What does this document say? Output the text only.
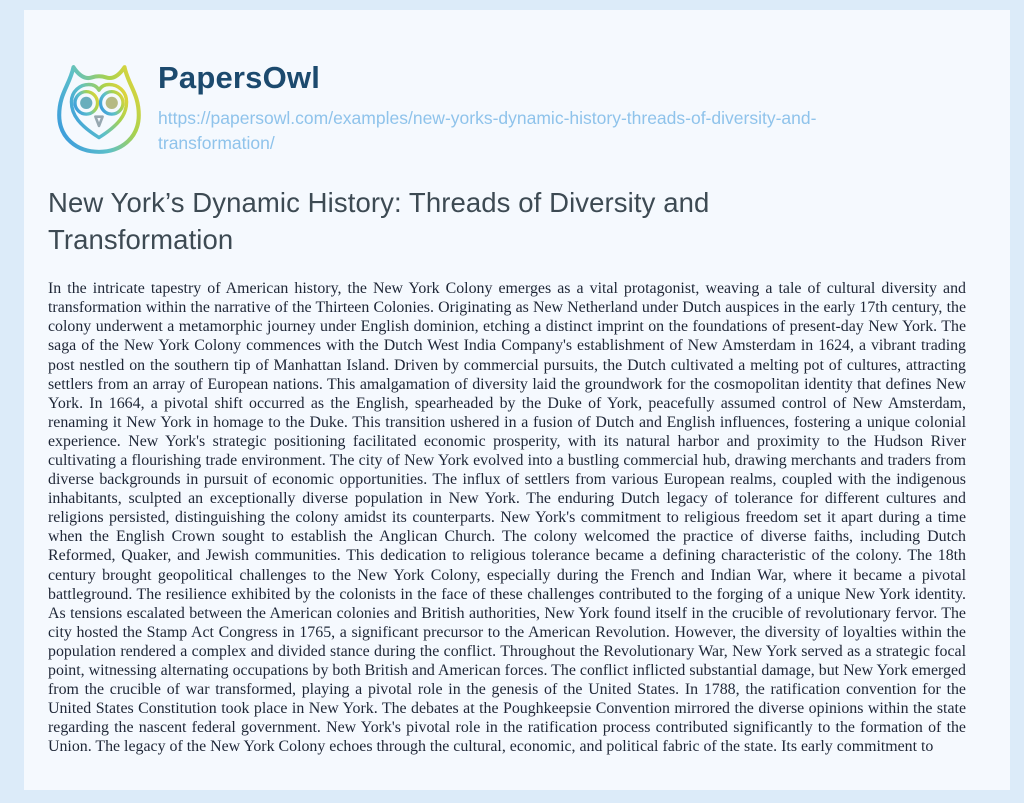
PapersOwl
https://papersowl.com/examples/new-yorks-dynamic-history-threads-of-diversity-and-transformation/
New York’s Dynamic History: Threads of Diversity and Transformation

In the intricate tapestry of American history, the New York Colony emerges as a vital protagonist, weaving a tale of cultural diversity and transformation within the narrative of the Thirteen Colonies. Originating as New Netherland under Dutch auspices in the early 17th century, the colony underwent a metamorphic journey under English dominion, etching a distinct imprint on the foundations of present-day New York. The saga of the New York Colony commences with the Dutch West India Company's establishment of New Amsterdam in 1624, a vibrant trading post nestled on the southern tip of Manhattan Island. Driven by commercial pursuits, the Dutch cultivated a melting pot of cultures, attracting settlers from an array of European nations. This amalgamation of diversity laid the groundwork for the cosmopolitan identity that defines New York. In 1664, a pivotal shift occurred as the English, spearheaded by the Duke of York, peacefully assumed control of New Amsterdam, renaming it New York in homage to the Duke. This transition ushered in a fusion of Dutch and English influences, fostering a unique colonial experience. New York's strategic positioning facilitated economic prosperity, with its natural harbor and proximity to the Hudson River cultivating a flourishing trade environment. The city of New York evolved into a bustling commercial hub, drawing merchants and traders from diverse backgrounds in pursuit of economic opportunities. The influx of settlers from various European realms, coupled with the indigenous inhabitants, sculpted an exceptionally diverse population in New York. The enduring Dutch legacy of tolerance for different cultures and religions persisted, distinguishing the colony amidst its counterparts. New York's commitment to religious freedom set it apart during a time when the English Crown sought to establish the Anglican Church. The colony welcomed the practice of diverse faiths, including Dutch Reformed, Quaker, and Jewish communities. This dedication to religious tolerance became a defining characteristic of the colony. The 18th century brought geopolitical challenges to the New York Colony, especially during the French and Indian War, where it became a pivotal battleground. The resilience exhibited by the colonists in the face of these challenges contributed to the forging of a unique New York identity. As tensions escalated between the American colonies and British authorities, New York found itself in the crucible of revolutionary fervor. The city hosted the Stamp Act Congress in 1765, a significant precursor to the American Revolution. However, the diversity of loyalties within the population rendered a complex and divided stance during the conflict. Throughout the Revolutionary War, New York served as a strategic focal point, witnessing alternating occupations by both British and American forces. The conflict inflicted substantial damage, but New York emerged from the crucible of war transformed, playing a pivotal role in the genesis of the United States. In 1788, the ratification convention for the United States Constitution took place in New York. The debates at the Poughkeepsie Convention mirrored the diverse opinions within the state regarding the nascent federal government. New York's pivotal role in the ratification process contributed significantly to the formation of the Union. The legacy of the New York Colony echoes through the cultural, economic, and political fabric of the state. Its early commitment to
